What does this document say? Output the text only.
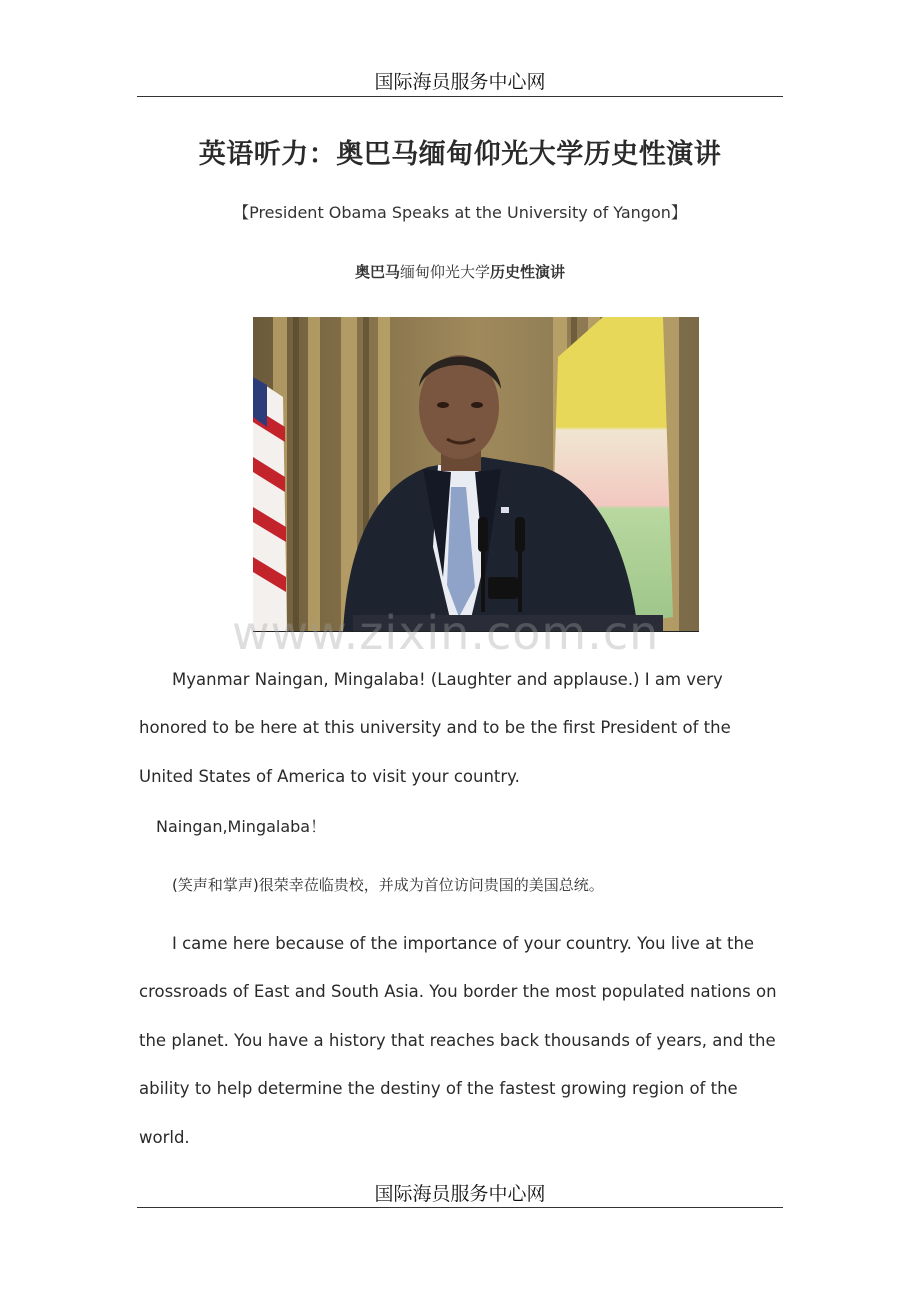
国际海员服务中心网
英语听力：奥巴马缅甸仰光大学历史性演讲
【President Obama Speaks at the University of Yangon】
奥巴马缅甸仰光大学历史性演讲
www.zixin.com.cn
Myanmar Naingan, Mingalaba! (Laughter and applause.) I am very honored to be here at this university and to be the first President of the United States of America to visit your country.
Naingan,Mingalaba！
(笑声和掌声)很荣幸莅临贵校，并成为首位访问贵国的美国总统。
I came here because of the importance of your country. You live at the crossroads of East and South Asia. You border the most populated nations on the planet. You have a history that reaches back thousands of years, and the ability to help determine the destiny of the fastest growing region of the world.
国际海员服务中心网
